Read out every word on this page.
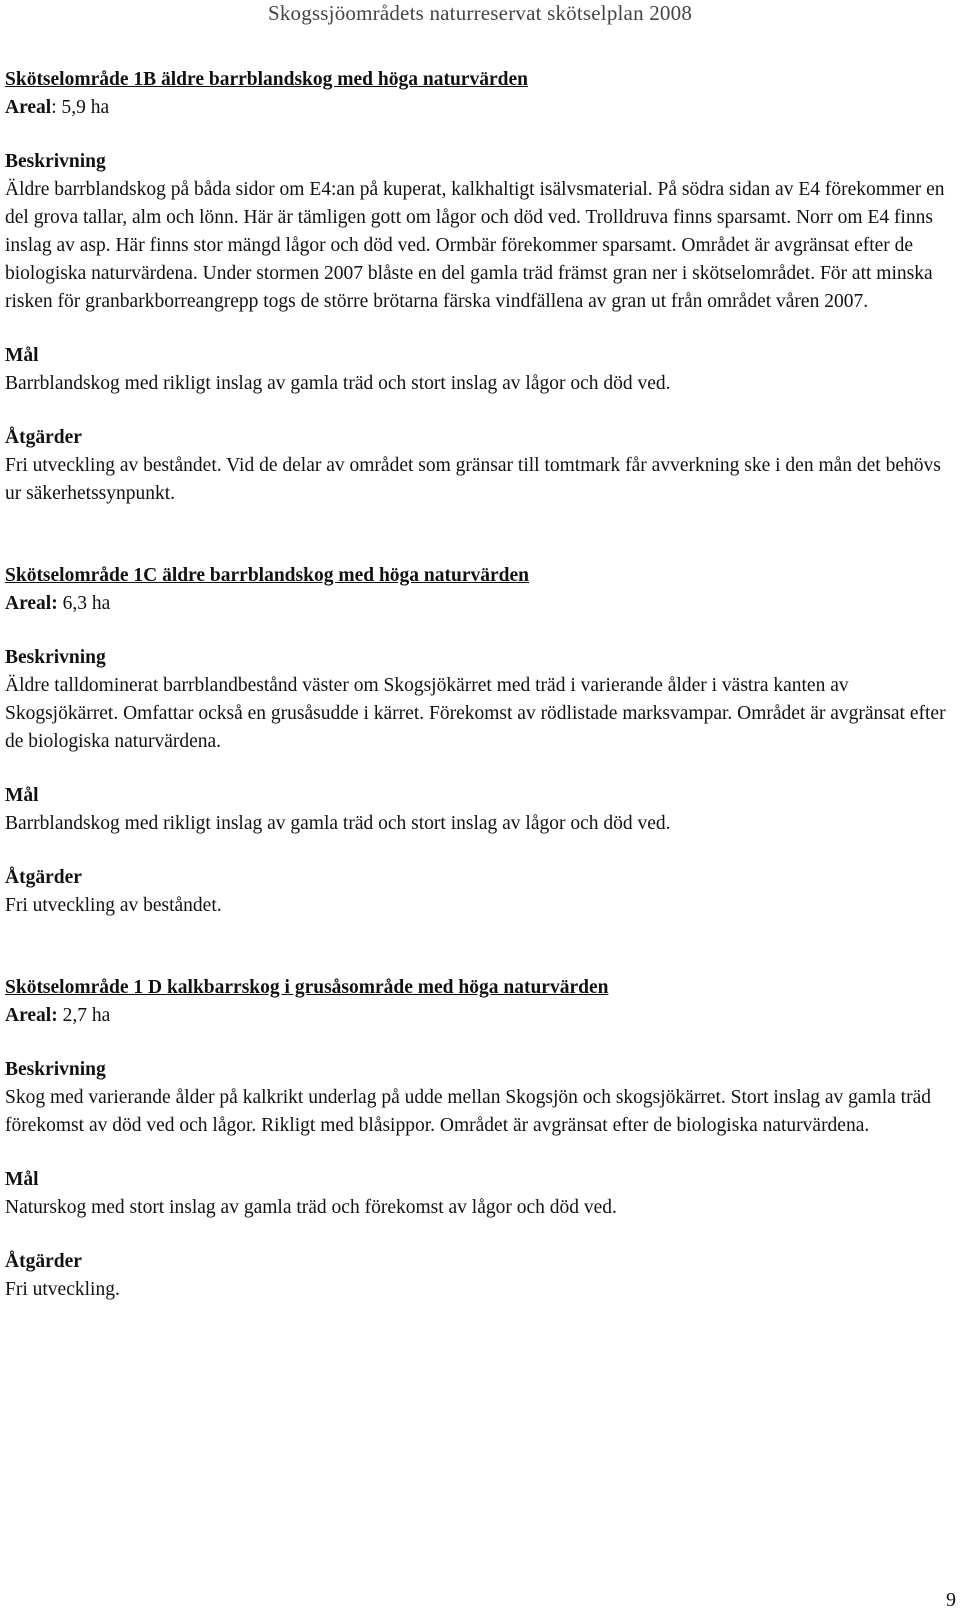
Skogssjöområdets naturreservat skötselplan 2008

Skötselområde 1B äldre barrblandskog med höga naturvärden

Areal: 5,9 ha

Beskrivning

Äldre barrblandskog på båda sidor om E4:an på kuperat, kalkhaltigt isälvsmaterial. På södra sidan av E4 förekommer en del grova tallar, alm och lönn. Här är tämligen gott om lågor och död ved. Trolldruva finns sparsamt. Norr om E4 finns inslag av asp. Här finns stor mängd lågor och död ved. Ormbär förekommer sparsamt. Området är avgränsat efter de biologiska naturvärdena. Under stormen 2007 blåste en del gamla träd främst gran ner i skötselområdet. För att minska risken för granbarkborreangrepp togs de större brötarna färska vindfällena av gran ut från området våren 2007.

Mål

Barrblandskog med rikligt inslag av gamla träd och stort inslag av lågor och död ved.

Åtgärder

Fri utveckling av beståndet. Vid de delar av området som gränsar till tomtmark får avverkning ske i den mån det behövs ur säkerhetssynpunkt.

Skötselområde 1C äldre barrblandskog med höga naturvärden

Areal: 6,3 ha

Beskrivning

Äldre talldominerat barrblandbestånd väster om Skogsjökärret med träd i varierande ålder i västra kanten av Skogsjökärret. Omfattar också en grusåsudde i kärret. Förekomst av rödlistade marksvampar. Området är avgränsat efter de biologiska naturvärdena.

Mål

Barrblandskog med rikligt inslag av gamla träd och stort inslag av lågor och död ved.

Åtgärder

Fri utveckling av beståndet.

Skötselområde 1 D kalkbarrskog i grusåsområde med höga naturvärden

Areal: 2,7 ha

Beskrivning

Skog med varierande ålder på kalkrikt underlag på udde mellan Skogsjön och skogsjökärret. Stort inslag av gamla träd förekomst av död ved och lågor. Rikligt med blåsippor. Området är avgränsat efter de biologiska naturvärdena.

Mål

Naturskog med stort inslag av gamla träd och förekomst av lågor och död ved.

Åtgärder

Fri utveckling.

9
